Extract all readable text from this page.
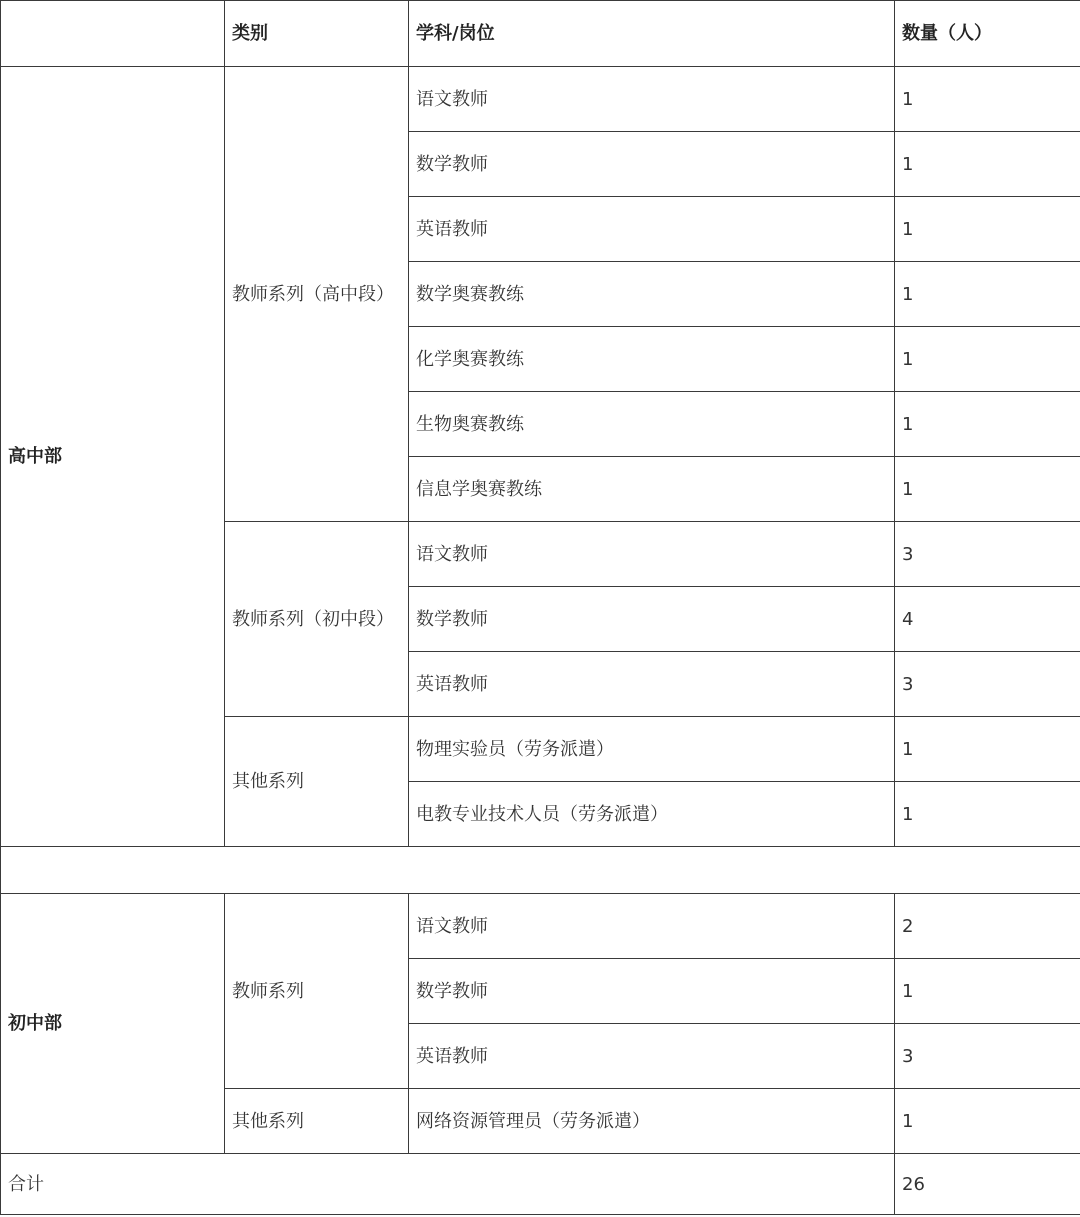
	类别	学科/岗位	数量（人）
高中部	教师系列（高中段）	语文教师	1
		数学教师	1
		英语教师	1
		数学奥赛教练	1
		化学奥赛教练	1
		生物奥赛教练	1
		信息学奥赛教练	1
	教师系列（初中段）	语文教师	3
		数学教师	4
		英语教师	3
	其他系列	物理实验员（劳务派遣）	1
		电教专业技术人员（劳务派遣）	1

初中部	教师系列	语文教师	2
		数学教师	1
		英语教师	3
	其他系列	网络资源管理员（劳务派遣）	1
合计			26
